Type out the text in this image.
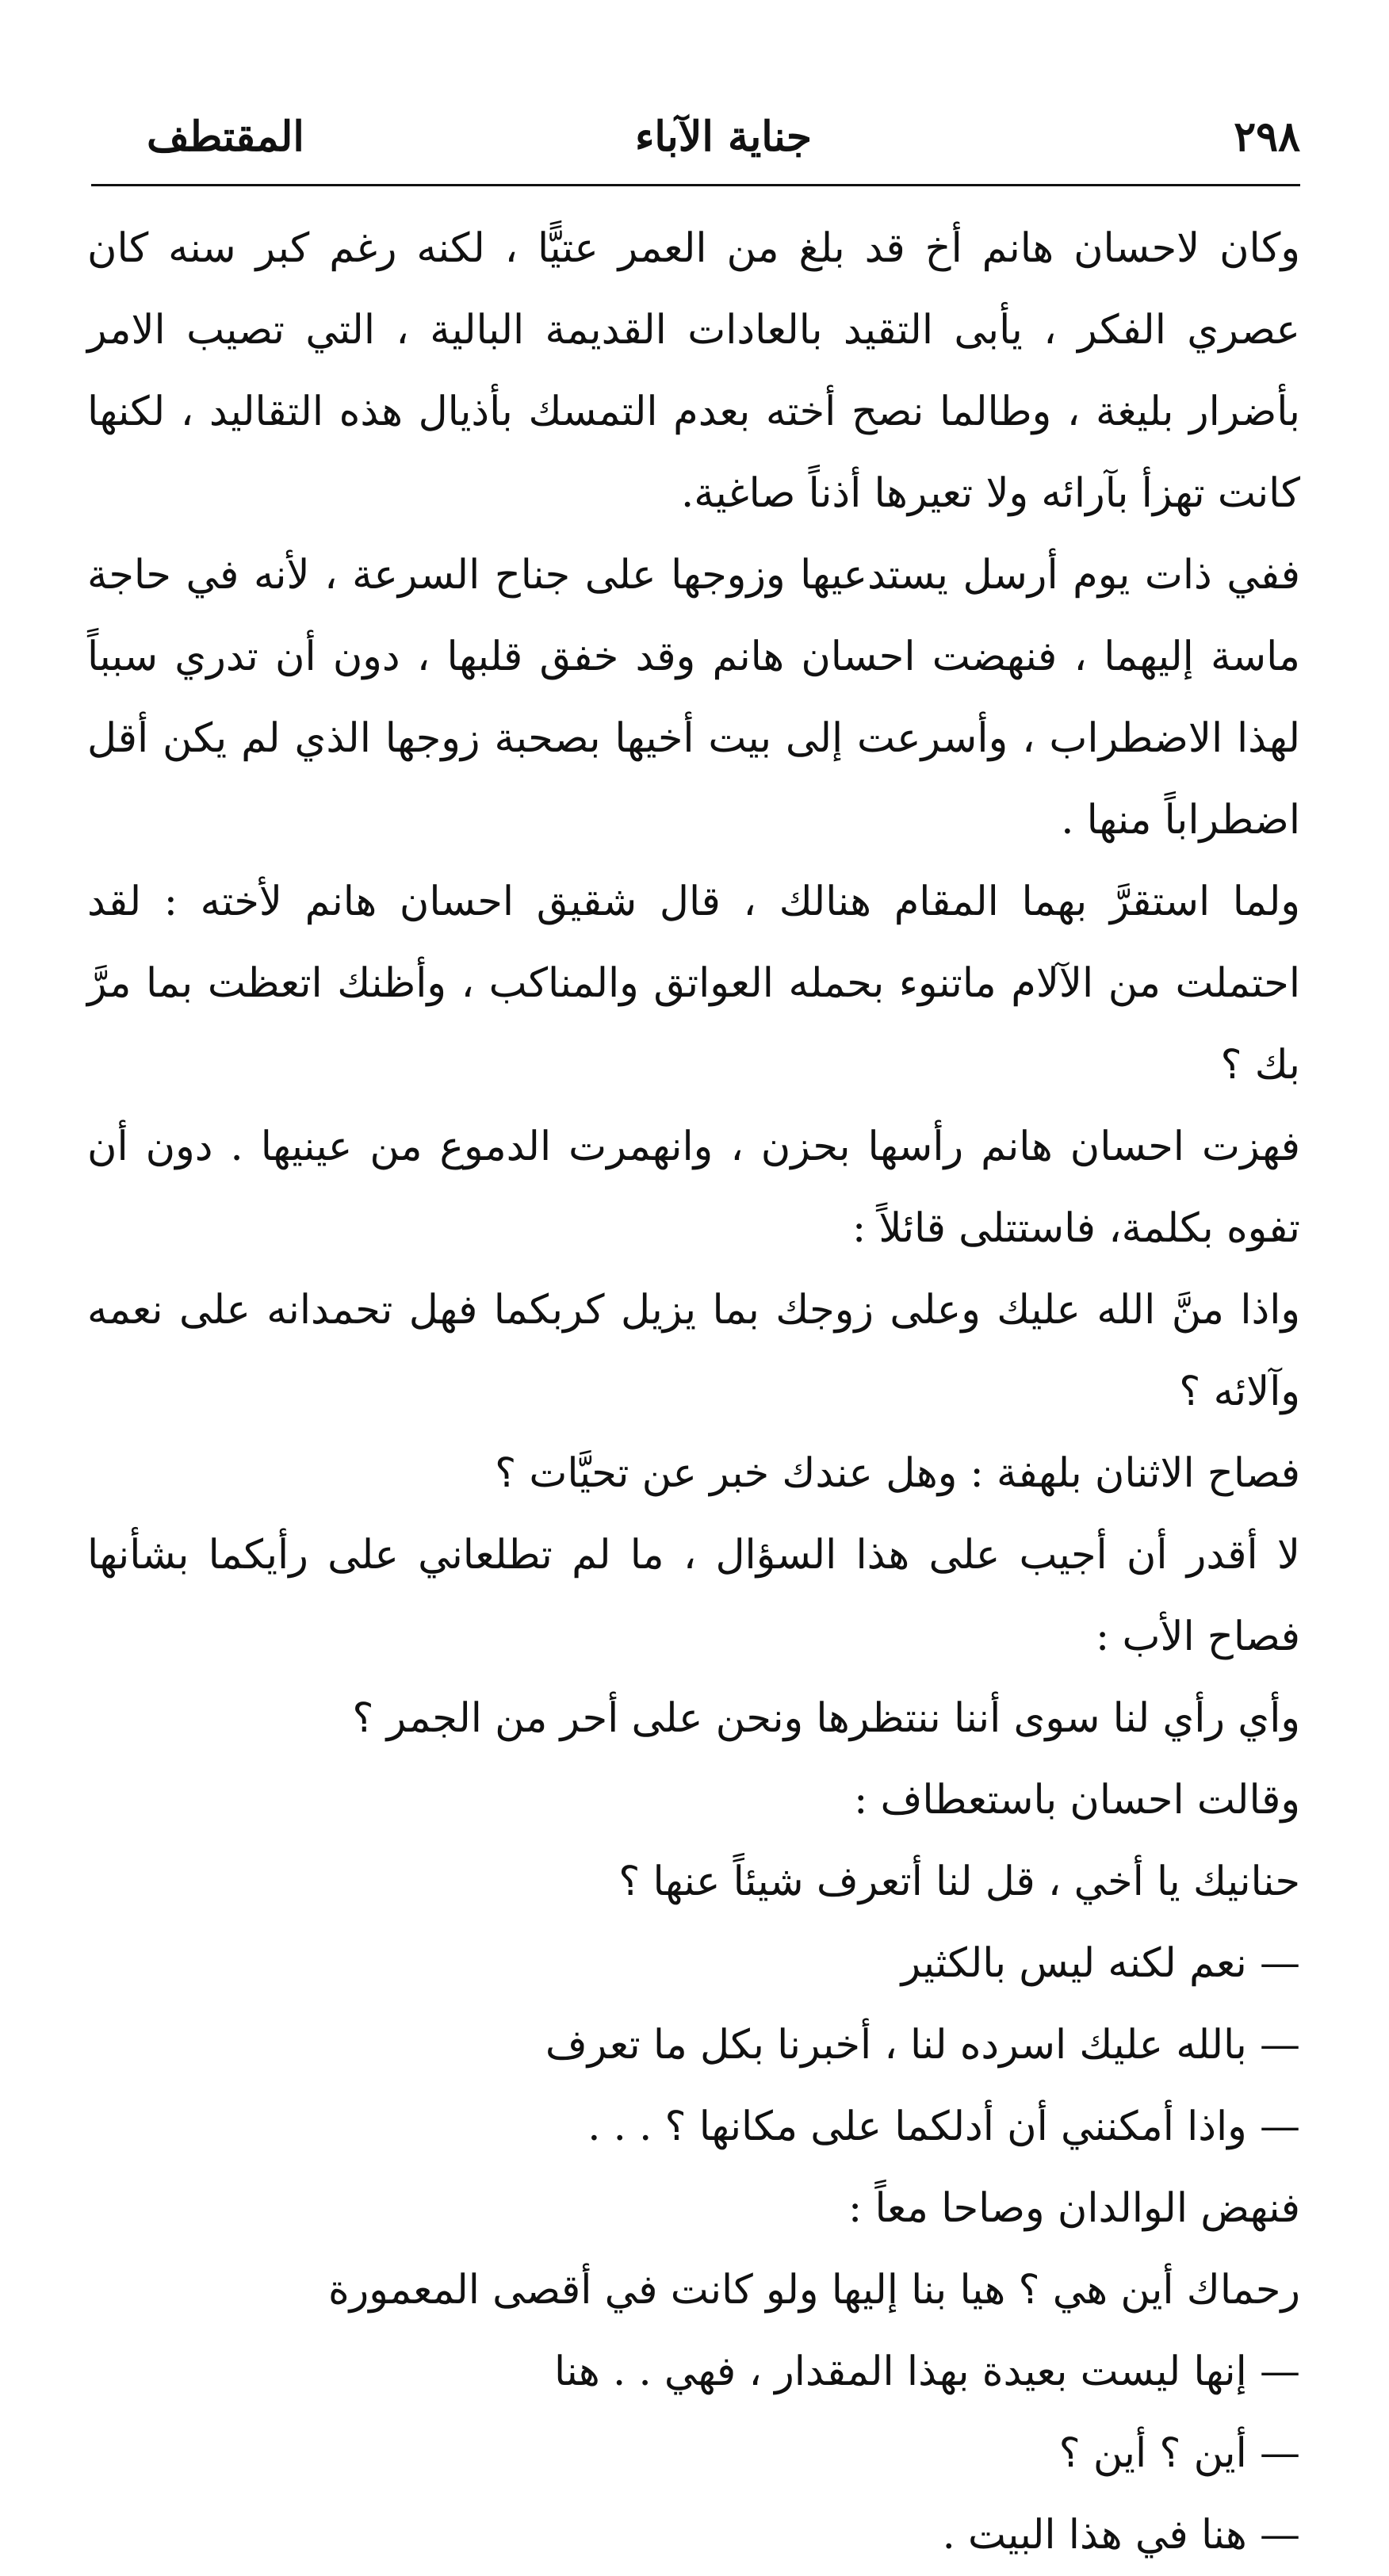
٢٩٨
جناية الآباء
المقتطف

وكان لاحسان هانم أخ قد بلغ من العمر عتيًّا ، لكنه رغم كبر سنه كان عصري الفكر ، يأبى التقيد بالعادات القديمة البالية ، التي تصيب الامر بأضرار بليغة ، وطالما نصح أخته بعدم التمسك بأذيال هذه التقاليد ، لكنها كانت تهزأ بآرائه ولا تعيرها أذناً صاغية.

ففي ذات يوم أرسل يستدعيها وزوجها على جناح السرعة ، لأنه في حاجة ماسة إليهما ، فنهضت احسان هانم وقد خفق قلبها ، دون أن تدري سبباً لهذا الاضطراب ، وأسرعت إلى بيت أخيها بصحبة زوجها الذي لم يكن أقل اضطراباً منها .

ولما استقرَّ بهما المقام هنالك ، قال شقيق احسان هانم لأخته : لقد احتملت من الآلام ماتنوء بحمله العواتق والمناكب ، وأظنك اتعظت بما مرَّ بك ؟

فهزت احسان هانم رأسها بحزن ، وانهمرت الدموع من عينيها . دون أن تفوه بكلمة، فاستتلى قائلاً :

واذا منَّ الله عليك وعلى زوجك بما يزيل كربكما فهل تحمدانه على نعمه وآلائه ؟

فصاح الاثنان بلهفة : وهل عندك خبر عن تحيَّات ؟

لا أقدر أن أجيب على هذا السؤال ، ما لم تطلعاني على رأيكما بشأنها فصاح الأب :

وأي رأي لنا سوى أننا ننتظرها ونحن على أحر من الجمر ؟

وقالت احسان باستعطاف :

حنانيك يا أخي ، قل لنا أتعرف شيئاً عنها ؟

— نعم لكنه ليس بالكثير

— بالله عليك اسرده لنا ، أخبرنا بكل ما تعرف

— واذا أمكنني أن أدلكما على مكانها ؟ . . .

فنهض الوالدان وصاحا معاً :

رحماك أين هي ؟ هيا بنا إليها ولو كانت في أقصى المعمورة

— إنها ليست بعيدة بهذا المقدار ، فهي . . هنا

— أين ؟ أين ؟

— هنا في هذا البيت .
